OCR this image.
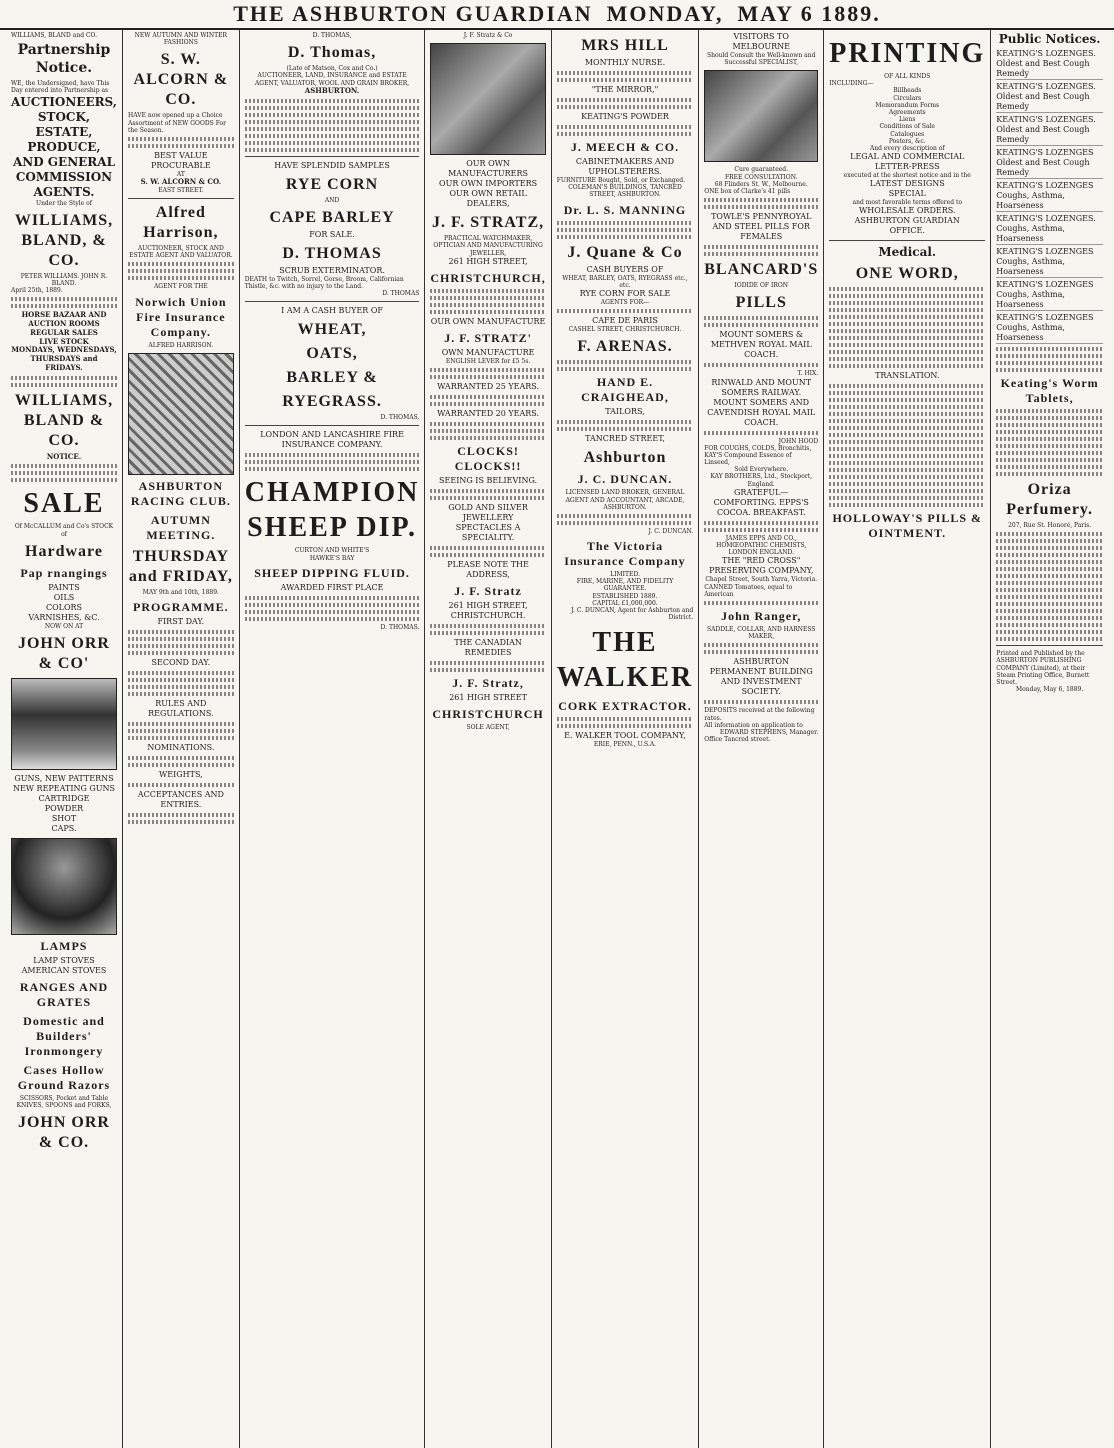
THE ASHBURTON GUARDIAN MONDAY, MAY 6 1889.
WILLIAMS, BLAND and CO.
Partnership Notice.
WE, the Undersigned, have This Day entered into Partnership as
AUCTIONEERS, STOCK, ESTATE, PRODUCE, AND GENERAL COMMISSION AGENTS.
Under the Style of
WILLIAMS, BLAND, & CO.
PETER WILLIAMS. JOHN R. BLAND.
April 25th, 1889.
HORSE BAZAAR AND AUCTION ROOMS
REGULAR SALES
LIVE STOCK
MONDAYS, WEDNESDAYS, THURSDAYS and FRIDAYS.
WILLIAMS, BLAND & CO.
NOTICE.
SALE
Of McCALLUM and Co's STOCK of
Hardware
Pap rnangings
PAINTS
OILS
COLORS
VARNISHES, &C.
NOW ON AT
JOHN ORR & CO'
GUNS, NEW PATTERNS
NEW REPEATING GUNS
CARTRIDGE
POWDER
SHOT
CAPS.
LAMPS
LAMP STOVES
AMERICAN STOVES
RANGES AND GRATES
Domestic and Builders' Ironmongery
Cases Hollow Ground Razors
SCISSORS, Pocket and Table KNIVES, SPOONS and FORKS,
JOHN ORR & CO.
NEW AUTUMN AND WINTER FASHIONS
S. W. ALCORN & CO.
HAVE now opened up a Choice Assortment of NEW GOODS For the Season.
BEST VALUE PROCURABLE
AT
S. W. ALCORN & CO.
EAST STREET.
Alfred Harrison,
AUCTIONEER, STOCK AND ESTATE AGENT AND VALUATOR.
AGENT FOR THE
Norwich Union Fire Insurance Company.
ALFRED HARRISON.
ASHBURTON RACING CLUB.
AUTUMN MEETING.
THURSDAY and FRIDAY,
MAY 9th and 10th, 1889.
PROGRAMME.
FIRST DAY.
SECOND DAY.
RULES AND REGULATIONS.
NOMINATIONS.
WEIGHTS,
ACCEPTANCES AND ENTRIES.
D. THOMAS,
D. Thomas,
(Late of Matson, Cox and Co.)
AUCTIONEER, LAND, INSURANCE and ESTATE AGENT, VALUATOR, WOOL AND GRAIN BROKER,
ASHBURTON.
HAVE SPLENDID SAMPLES
RYE CORN
AND
CAPE BARLEY
FOR SALE.
D. THOMAS
SCRUB EXTERMINATOR.
DEATH to Twitch, Sorrel, Gorse, Broom, Californian Thistle, &c. with no injury to the Land.
D. THOMAS
I AM A CASH BUYER OF
WHEAT,
OATS,
BARLEY &
RYEGRASS.
D. THOMAS.
LONDON AND LANCASHIRE FIRE INSURANCE COMPANY.
CHAMPION SHEEP DIP.
CURTON AND WHITE'S
HAWKE'S BAY
SHEEP DIPPING FLUID.
AWARDED FIRST PLACE
D. THOMAS.
J. F. Stratz & Co
OUR OWN MANUFACTURERS
OUR OWN IMPORTERS
OUR OWN RETAIL DEALERS,
J. F. STRATZ,
PRACTICAL WATCHMAKER, OPTICIAN AND MANUFACTURING JEWELLER,
261 HIGH STREET,
CHRISTCHURCH,
OUR OWN MANUFACTURE
J. F. STRATZ'
OWN MANUFACTURE
ENGLISH LEVER for £5 5s.
WARRANTED 25 YEARS.
WARRANTED 20 YEARS.
CLOCKS! CLOCKS!!
SEEING IS BELIEVING.
GOLD AND SILVER JEWELLERY
SPECTACLES A SPECIALITY.
PLEASE NOTE THE ADDRESS,
J. F. Stratz
261 HIGH STREET,
CHRISTCHURCH.
THE CANADIAN REMEDIES
J. F. Stratz,
261 HIGH STREET
CHRISTCHURCH
SOLE AGENT,
MRS HILL
MONTHLY NURSE.
"THE MIRROR,"
KEATING'S POWDER
J. MEECH & CO.
CABINETMAKERS AND UPHOLSTERERS.
FURNITURE Bought, Sold, or Exchanged.
COLEMAN'S BUILDINGS, TANCRED STREET, ASHBURTON.
Dr. L. S. MANNING
J. Quane & Co
CASH BUYERS OF
WHEAT, BARLEY, OATS, RYEGRASS etc., etc.
RYE CORN FOR SALE
AGENTS FOR—
CAFE DE PARIS
CASHEL STREET, CHRISTCHURCH.
F. ARENAS.
HAND E. CRAIGHEAD,
TAILORS,
TANCRED STREET,
Ashburton
J. C. DUNCAN.
LICENSED LAND BROKER, GENERAL AGENT AND ACCOUNTANT, ARCADE, ASHBURTON.
J. C. DUNCAN.
The Victoria Insurance Company
LIMITED.
FIRE, MARINE, AND FIDELITY GUARANTEE.
ESTABLISHED 1889.
CAPITAL £1,000,000.
J. C. DUNCAN, Agent for Ashburton and District.
THE WALKER
CORK EXTRACTOR.
E. WALKER TOOL COMPANY,
ERIE, PENN., U.S.A.
VISITORS TO MELBOURNE
Should Consult the Well-known and Successful SPECIALIST,
Cure guaranteed.
FREE CONSULTATION.
68 Flinders St. W., Melbourne.
ONE box of Clarke's 41 pills
TOWLE'S PENNYROYAL AND STEEL PILLS FOR FEMALES
BLANCARD'S
IODIDE OF IRON
PILLS
MOUNT SOMERS & METHVEN ROYAL MAIL COACH.
T. HIX.
RINWALD AND MOUNT SOMERS RAILWAY.
MOUNT SOMERS AND CAVENDISH ROYAL MAIL COACH.
JOHN HOOD
FOR COUGHS, COLDS, Bronchitis,
KAY'S Compound Essence of Linseed,
Sold Everywhere.
KAY BROTHERS, Ltd., Stockport, England.
GRATEFUL—COMFORTING. EPPS'S COCOA. BREAKFAST.
JAMES EPPS AND CO., HOMŒOPATHIC CHEMISTS, LONDON ENGLAND.
THE "RED CROSS" PRESERVING COMPANY,
Chapel Street, South Yarra, Victoria.
CANNED Tomatoes, equal to American
John Ranger,
SADDLE, COLLAR, AND HARNESS MAKER,
ASHBURTON PERMANENT BUILDING AND INVESTMENT SOCIETY.
DEPOSITS received at the following rates.
All information on application to
EDWARD STEPHENS, Manager.
Office Tancred street.
PRINTING
OF ALL KINDS
INCLUDING—
Billheads
Circulars
Memorandum Forms
Agreements
Liens
Conditions of Sale
Catalogues
Posters, &c.
And every description of
LEGAL AND COMMERCIAL
LETTER-PRESS
executed at the shortest notice and in the
LATEST DESIGNS
SPECIAL
and most favorable terms offered to
WHOLESALE ORDERS.
ASHBURTON GUARDIAN
OFFICE.
Medical.
ONE WORD,
TRANSLATION.
HOLLOWAY'S PILLS & OINTMENT.
Public Notices.
KEATING'S LOZENGES. Oldest and Best Cough Remedy
KEATING'S LOZENGES. Oldest and Best Cough Remedy
KEATING'S LOZENGES. Oldest and Best Cough Remedy
KEATING'S LOZENGES Oldest and Best Cough Remedy
KEATING'S LOZENGES Coughs, Asthma, Hoarseness
KEATING'S LOZENGES. Coughs, Asthma, Hoarseness
KEATING'S LOZENGES Coughs, Asthma, Hoarseness
KEATING'S LOZENGES Coughs, Asthma, Hoarseness
KEATING'S LOZENGES Coughs, Asthma, Hoarseness
Keating's Worm Tablets,
Oriza Perfumery.
207, Rue St. Honoré, Paris.
Printed and Published by the ASHBURTON PUBLISHING COMPANY (Limited), at their Steam Printing Office, Burnett Street.
Monday, May 6, 1889.
